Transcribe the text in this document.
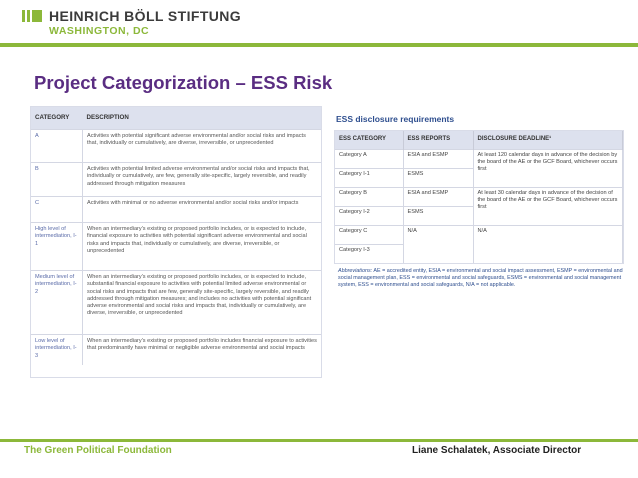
HEINRICH BÖLL STIFTUNG
WASHINGTON, DC
Project Categorization – ESS Risk
CATEGORY	DESCRIPTION
A	Activities with potential significant adverse environmental and/or social risks and impacts that, individually or cumulatively, are diverse, irreversible, or unprecedented
B	Activities with potential limited adverse environmental and/or social risks and impacts that, individually or cumulatively, are few, generally site-specific, largely reversible, and readily addressed through mitigation measures
C	Activities with minimal or no adverse environmental and/or social risks and/or impacts
High level of intermediation, I-1	When an intermediary's existing or proposed portfolio includes, or is expected to include, financial exposure to activities with potential significant adverse environmental and social risks and impacts that, individually or cumulatively, are diverse, irreversible, or unprecedented
Medium level of intermediation, I-2	When an intermediary's existing or proposed portfolio includes, or is expected to include, substantial financial exposure to activities with potential limited adverse environmental or social risks and impacts that are few, generally site-specific, largely reversible, and readily addressed through mitigation measures; and includes no activities with potential significant adverse environmental and social risks and impacts that, individually or cumulatively, are diverse, irreversible, or unprecedented
Low level of intermediation, I-3	When an intermediary's existing or proposed portfolio includes financial exposure to activities that predominantly have minimal or negligible adverse environmental and social impacts
ESS disclosure requirements
ESS CATEGORY	ESS REPORTS	DISCLOSURE DEADLINE¹
Category A	ESIA and ESMP	At least 120 calendar days in advance of the decision by the board of the AE or the GCF Board, whichever occurs first
Category I-1	ESMS	
Category B	ESIA and ESMP	At least 30 calendar days in advance of the decision of the board of the AE or the GCF Board, whichever occurs first
Category I-2	ESMS	
Category C	N/A	N/A
Category I-3		
Abbreviations: AE = accredited entity, ESIA = environmental and social impact assessment, ESMP = environmental and social management plan, ESS = environmental and social safeguards, ESMS = environmental and social management system, ESS = environmental and social safeguards, N/A = not applicable.
The Green Political Foundation	Liane Schalatek, Associate Director
